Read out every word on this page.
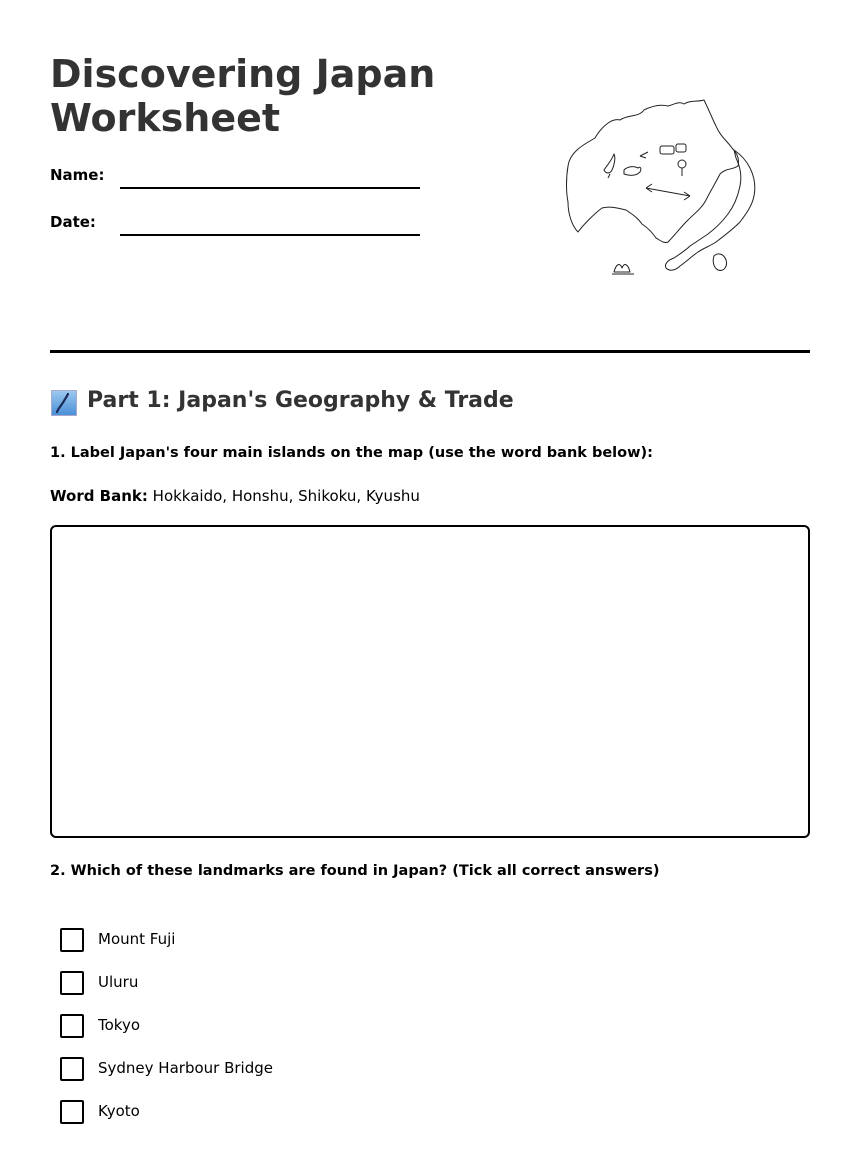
Discovering Japan
Worksheet
Name:
Date:
Part 1: Japan's Geography & Trade
1. Label Japan's four main islands on the map (use the word bank below):
Word Bank: Hokkaido, Honshu, Shikoku, Kyushu
2. Which of these landmarks are found in Japan? (Tick all correct answers)
Mount Fuji
Uluru
Tokyo
Sydney Harbour Bridge
Kyoto
